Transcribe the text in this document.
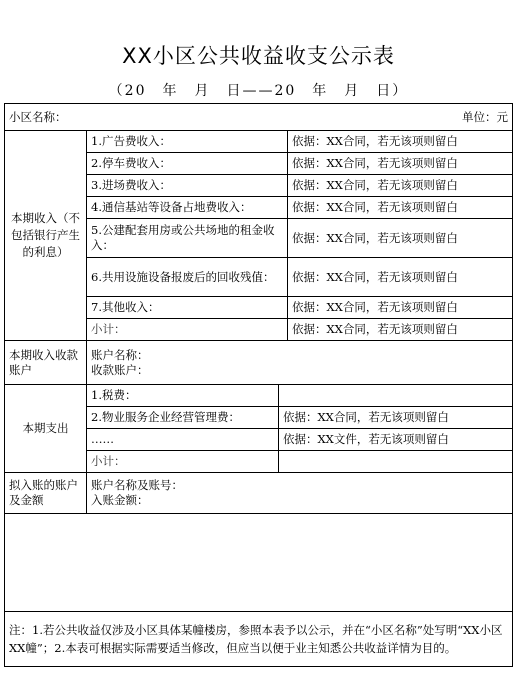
XX小区公共收益收支公示表
（20　年　月　日——20　年　月　日）
小区名称： 单位：元			

本期收入（不包括银行产生的利息）	1.广告费收入：		依据：XX合同，若无该项则留白
	2.停车费收入：		依据：XX合同，若无该项则留白
	3.进场费收入：		依据：XX合同，若无该项则留白
	4.通信基站等设备占地费收入：		依据：XX合同，若无该项则留白
	5.公建配套用房或公共场地的租金收入：		依据：XX合同，若无该项则留白
	6.共用设施设备报废后的回收残值：		依据：XX合同，若无该项则留白
	7.其他收入：		依据：XX合同，若无该项则留白
	小计：		依据：XX合同，若无该项则留白
本期收入收款账户	账户名称：
收款账户：		

本期支出	1.税费：		
	2.物业服务企业经营管理费：	依据：XX合同，若无该项则留白	
	……	依据：XX文件，若无该项则留白	
	小计：		
拟入账的账户及金额	账户名称及账号：
入账金额：		

注：1.若公共收益仅涉及小区具体某幢楼房，参照本表予以公示，并在“小区名称”处写明“XX小区XX幢”；2.本表可根据实际需要适当修改，但应当以便于业主知悉公共收益详情为目的。			
